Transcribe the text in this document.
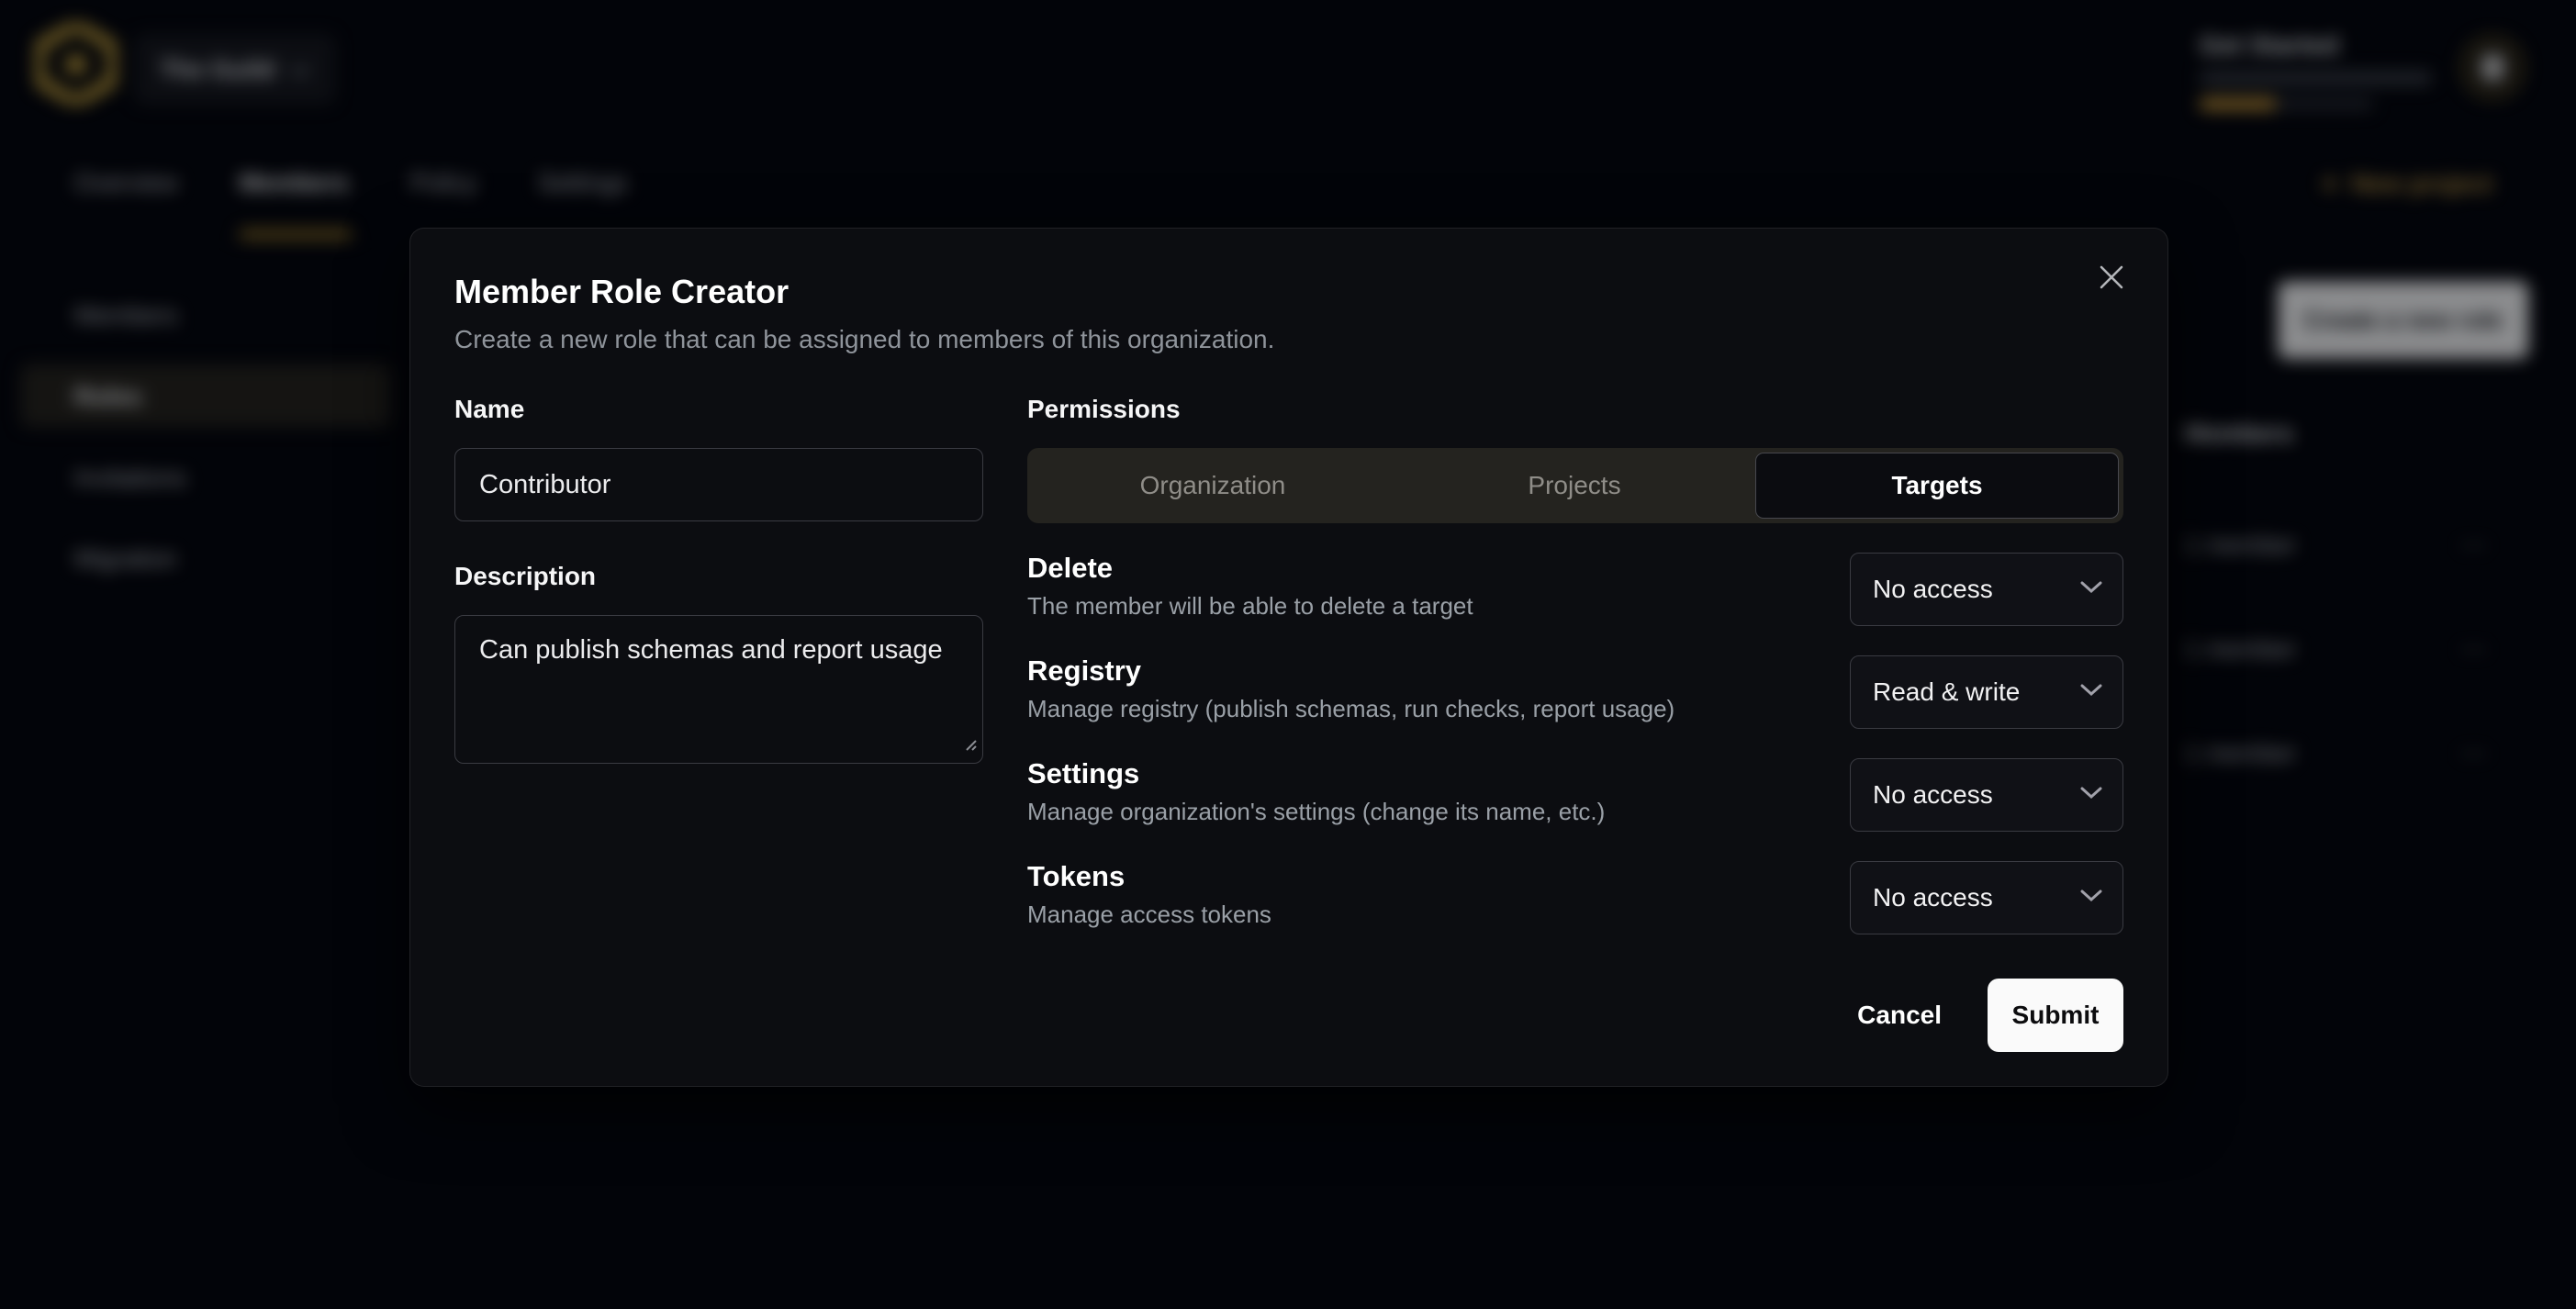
The Guild
Get Started
Overview Members	Policy Settings	+ New project
Members
Roles
Invitations
Migration
Create a new role
Members
1 member	⋯
1 member	⋯
1 member	⋯
Member Role Creator
Create a new role that can be assigned to members of this organization.
Name
Contributor
Description
Can publish schemas and report usage
Permissions
Organization	Projects	Targets
Delete
The member will be able to delete a target
No access
Registry
Manage registry (publish schemas, run checks, report usage)
Read & write
Settings
Manage organization's settings (change its name, etc.)
No access
Tokens
Manage access tokens
No access
Cancel	Submit
